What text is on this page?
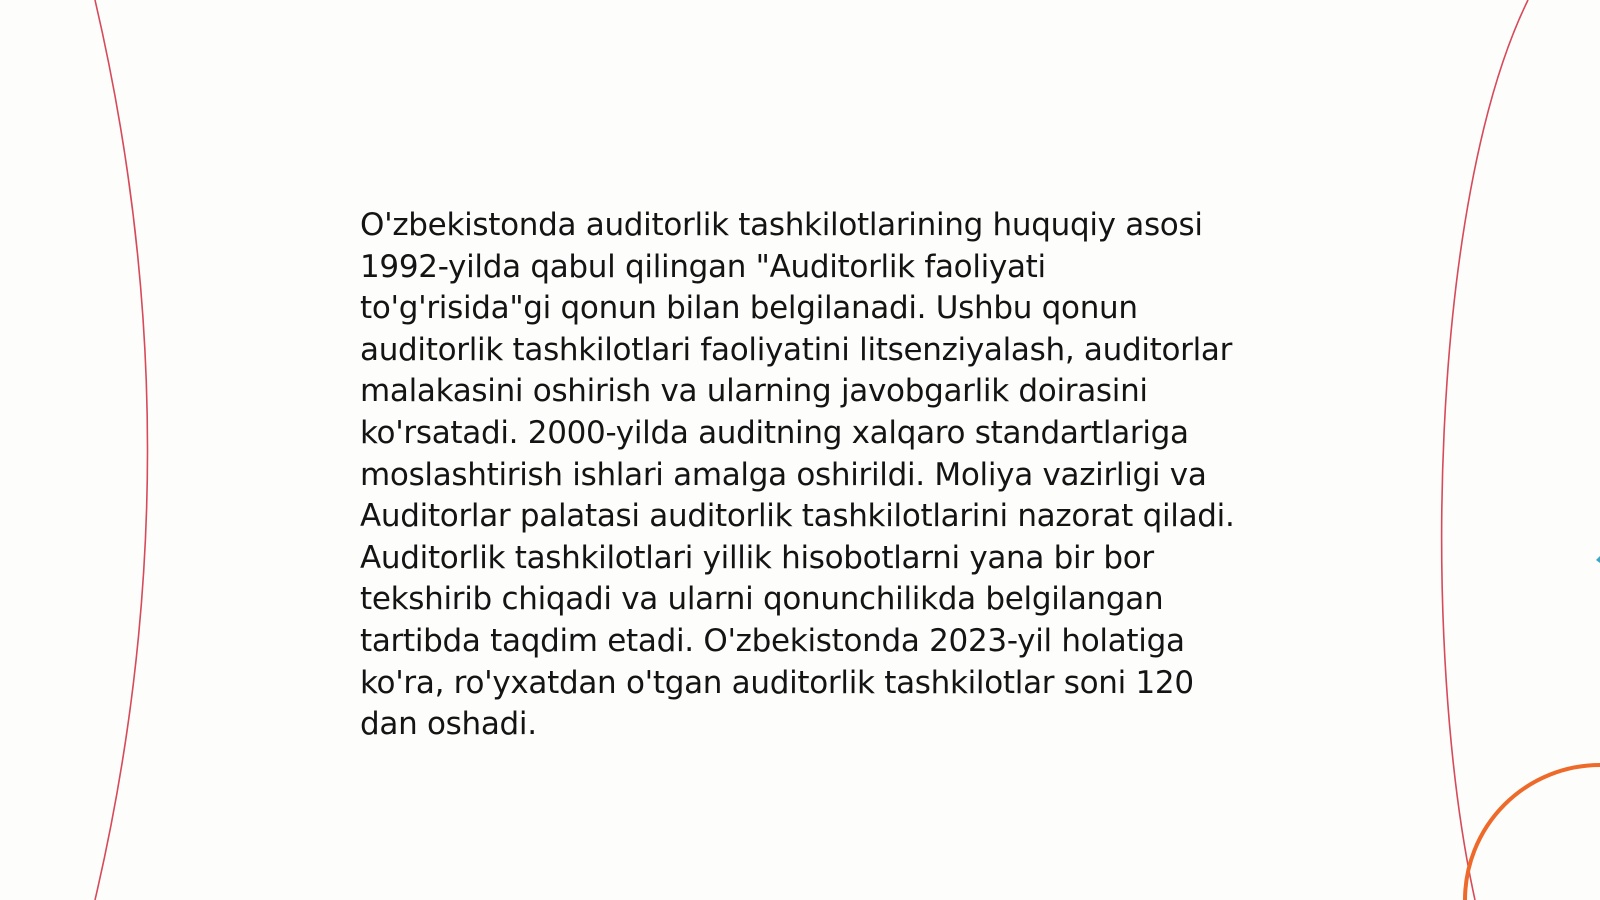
O'zbekistonda auditorlik tashkilotlarining huquqiy asosi 1992-yilda qabul qilingan "Auditorlik faoliyati to'g'risida"gi qonun bilan belgilanadi. Ushbu qonun auditorlik tashkilotlari faoliyatini litsenziyalash, auditorlar malakasini oshirish va ularning javobgarlik doirasini ko'rsatadi. 2000-yilda auditning xalqaro standartlariga moslashtirish ishlari amalga oshirildi. Moliya vazirligi va Auditorlar palatasi auditorlik tashkilotlarini nazorat qiladi. Auditorlik tashkilotlari yillik hisobotlarni yana bir bor tekshirib chiqadi va ularni qonunchilikda belgilangan tartibda taqdim etadi. O'zbekistonda 2023-yil holatiga ko'ra, ro'yxatdan o'tgan auditorlik tashkilotlar soni 120 dan oshadi.
